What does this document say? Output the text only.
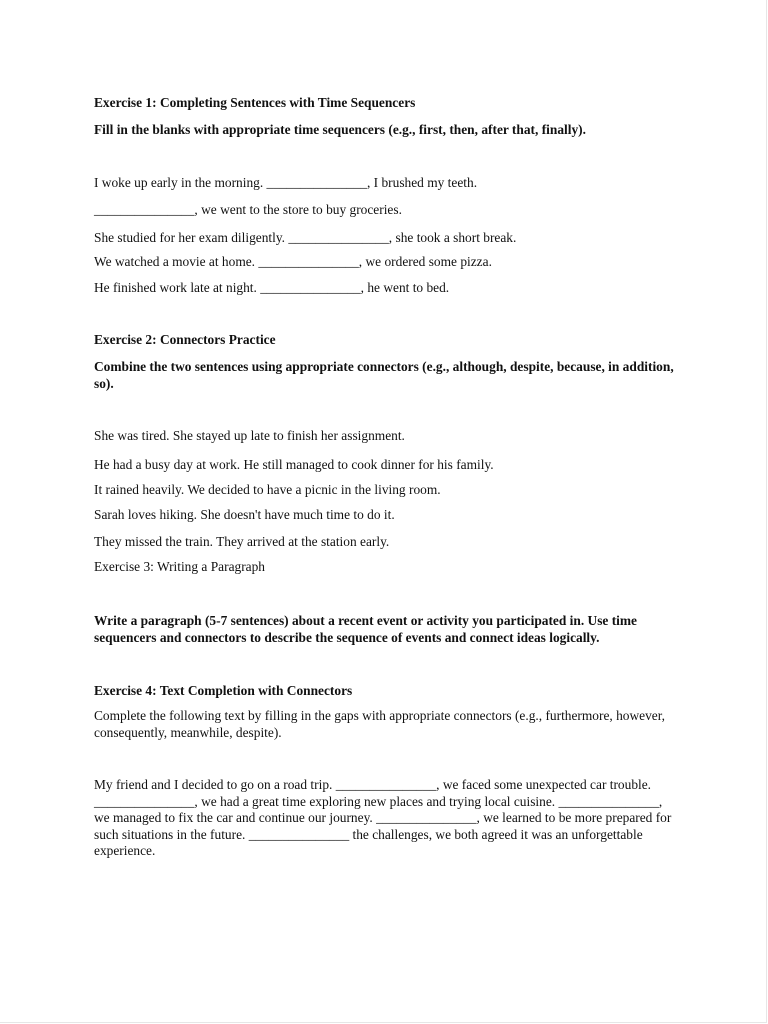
Exercise 1: Completing Sentences with Time Sequencers
Fill in the blanks with appropriate time sequencers (e.g., first, then, after that, finally).
I woke up early in the morning. _______________, I brushed my teeth.
_______________, we went to the store to buy groceries.
She studied for her exam diligently. _______________, she took a short break.
We watched a movie at home. _______________, we ordered some pizza.
He finished work late at night. _______________, he went to bed.
Exercise 2: Connectors Practice
Combine the two sentences using appropriate connectors (e.g., although, despite, because, in addition, so).
She was tired. She stayed up late to finish her assignment.
He had a busy day at work. He still managed to cook dinner for his family.
It rained heavily. We decided to have a picnic in the living room.
Sarah loves hiking. She doesn't have much time to do it.
They missed the train. They arrived at the station early.
Exercise 3: Writing a Paragraph
Write a paragraph (5-7 sentences) about a recent event or activity you participated in. Use time sequencers and connectors to describe the sequence of events and connect ideas logically.
Exercise 4: Text Completion with Connectors
Complete the following text by filling in the gaps with appropriate connectors (e.g., furthermore, however, consequently, meanwhile, despite).
My friend and I decided to go on a road trip. _______________, we faced some unexpected car trouble. _______________, we had a great time exploring new places and trying local cuisine. _______________, we managed to fix the car and continue our journey. _______________, we learned to be more prepared for such situations in the future. _______________ the challenges, we both agreed it was an unforgettable experience.
